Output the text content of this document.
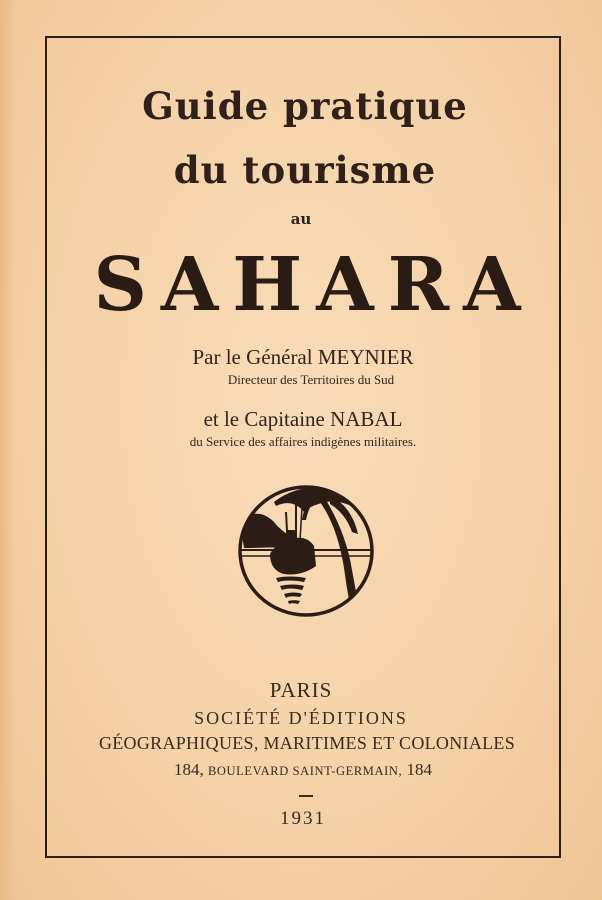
Guide pratique
du tourisme
au
SAHARA
Par le Général MEYNIER
Directeur des Territoires du Sud
et le Capitaine NABAL
du Service des affaires indigènes militaires.
PARIS
SOCIÉTÉ D'ÉDITIONS
GÉOGRAPHIQUES, MARITIMES ET COLONIALES
184, BOULEVARD SAINT-GERMAIN, 184
1931
